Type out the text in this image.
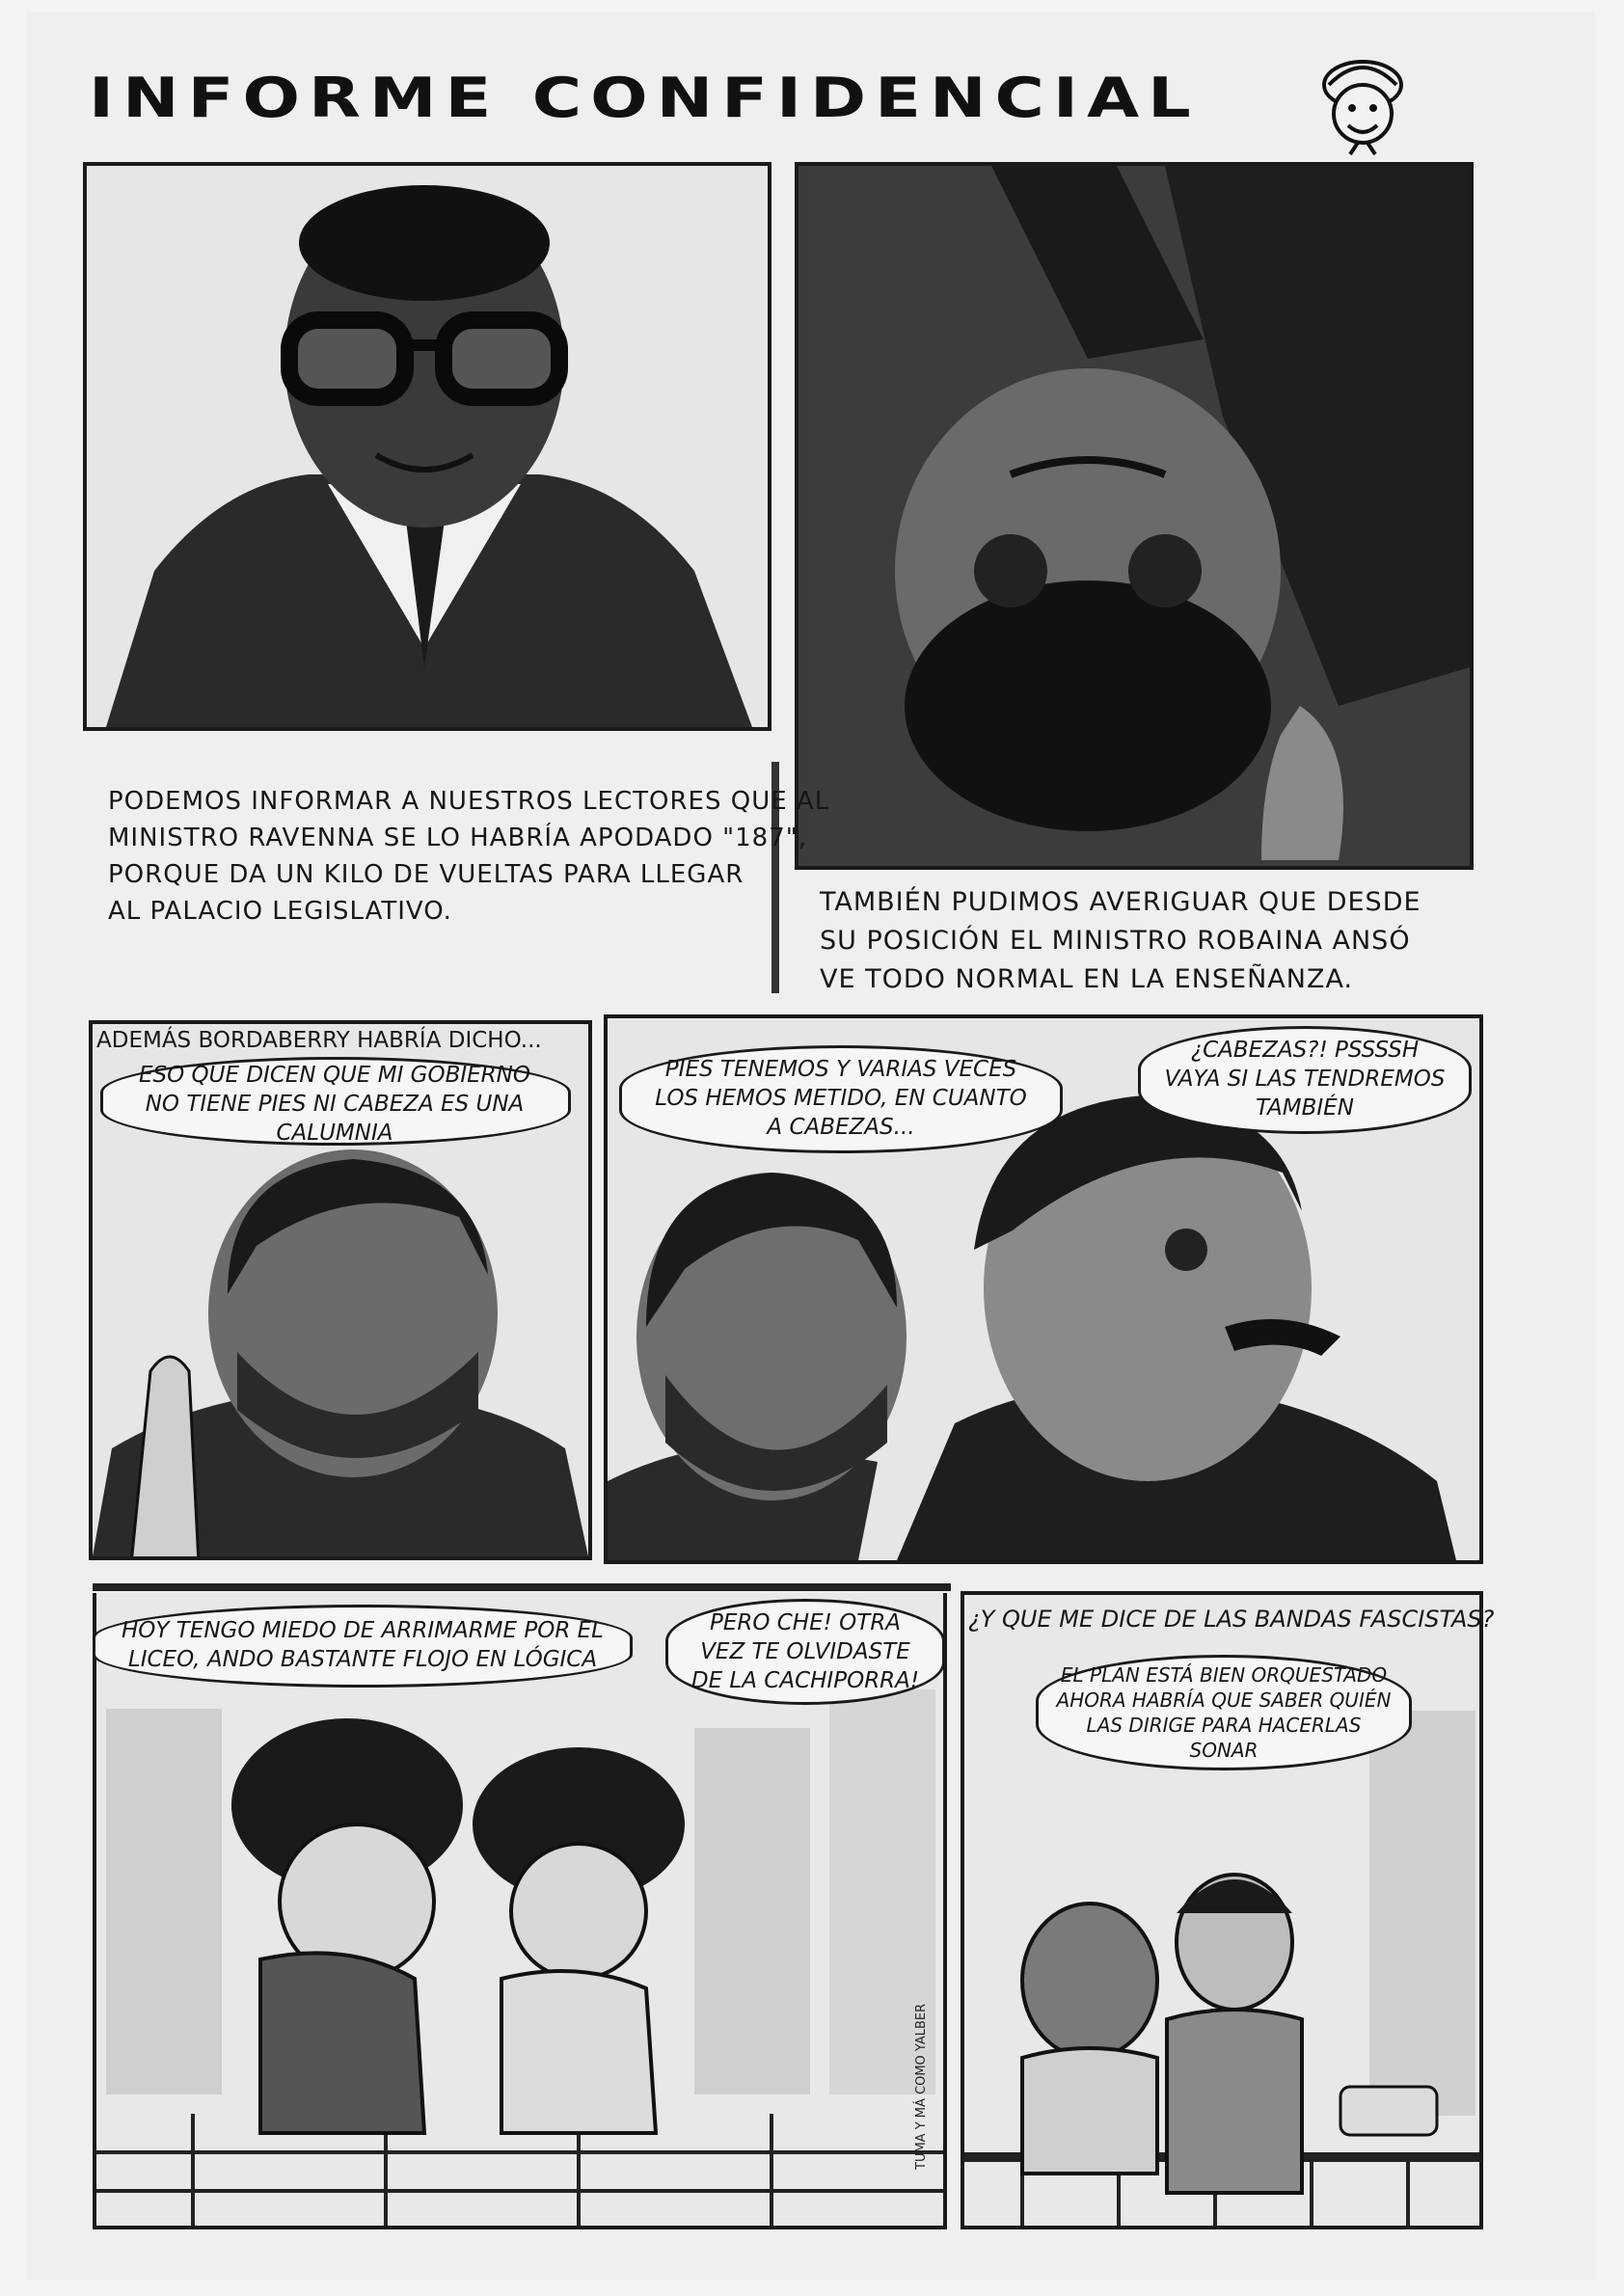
INFORME CONFIDENCIAL
PODEMOS INFORMAR A NUESTROS LECTORES QUE AL
MINISTRO RAVENNA SE LO HABRÍA APODADO "187",
PORQUE DA UN KILO DE VUELTAS PARA LLEGAR
AL PALACIO LEGISLATIVO.	TAMBIÉN PUDIMOS AVERIGUAR QUE DESDE
SU POSICIÓN EL MINISTRO ROBAINA ANSÓ
VE TODO NORMAL EN LA ENSEÑANZA.
ADEMÁS BORDABERRY HABRÍA DICHO...
ESO QUE DICEN QUE MI GOBIERNO
NO TIENE PIES NI CABEZA ES UNA
CALUMNIA
PIES TENEMOS Y VARIAS VECES
LOS HEMOS METIDO, EN CUANTO
A CABEZAS...
¿CABEZAS?! PSSSSH
VAYA SI LAS TENDREMOS
TAMBIÉN
HOY TENGO MIEDO DE ARRIMARME POR EL
LICEO, ANDO BASTANTE FLOJO EN LÓGICA
PERO CHE! OTRA
VEZ TE OLVIDASTE
DE LA CACHIPORRA!
¿Y QUE ME DICE DE LAS BANDAS FASCISTAS?
EL PLAN ESTÁ BIEN ORQUESTADO
AHORA HABRÍA QUE SABER QUIÉN
LAS DIRIGE PARA HACERLAS
SONAR
TUMA Y MÁ COMO YALBER
